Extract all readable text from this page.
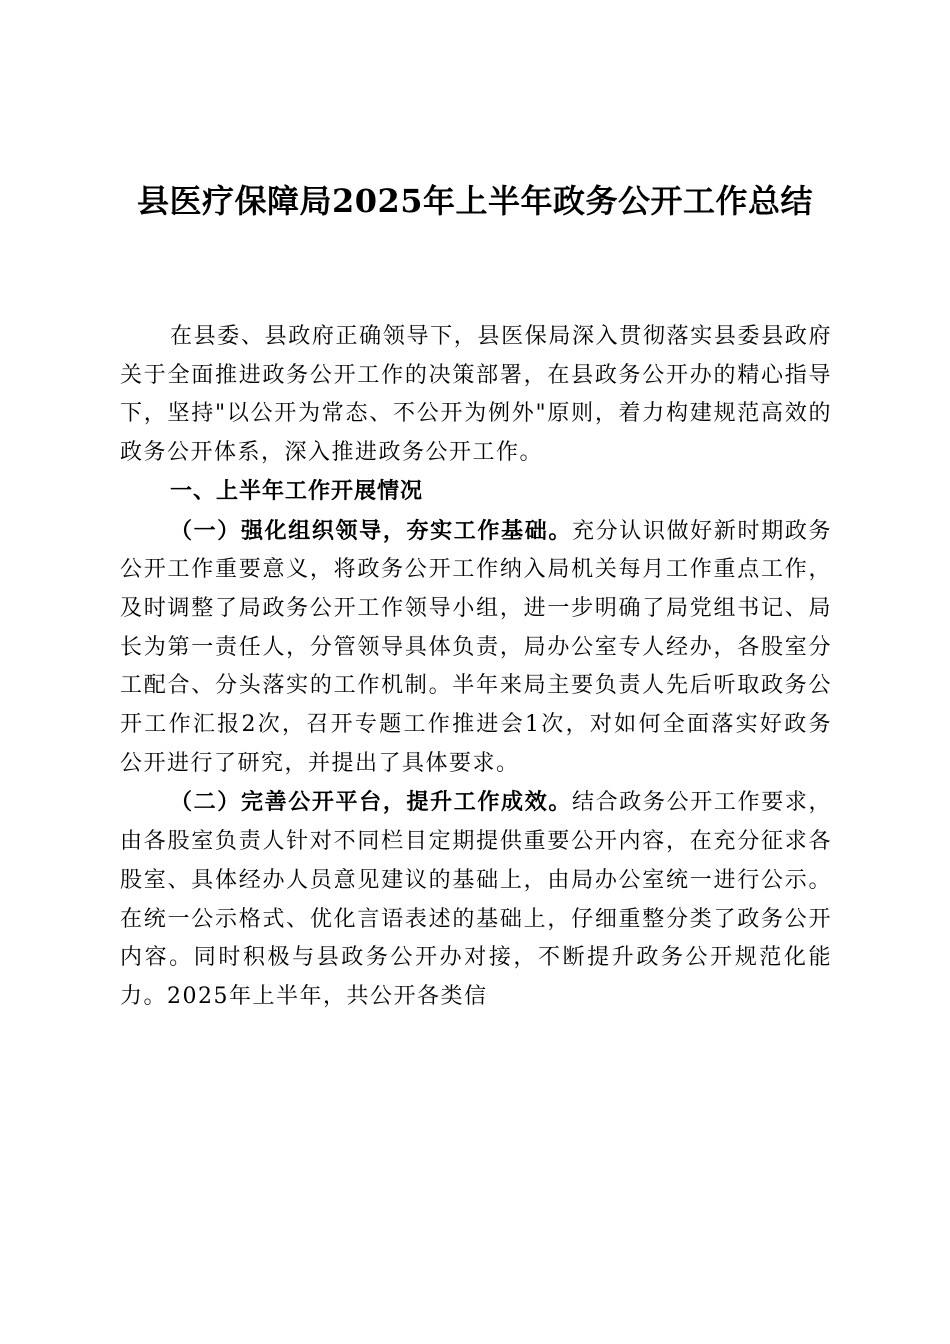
县医疗保障局2025年上半年政务公开工作总结

在县委、县政府正确领导下，县医保局深入贯彻落实县委县政府关于全面推进政务公开工作的决策部署，在县政务公开办的精心指导下，坚持"以公开为常态、不公开为例外"原则，着力构建规范高效的政务公开体系，深入推进政务公开工作。

一、上半年工作开展情况

（一）强化组织领导，夯实工作基础。充分认识做好新时期政务公开工作重要意义，将政务公开工作纳入局机关每月工作重点工作，及时调整了局政务公开工作领导小组，进一步明确了局党组书记、局长为第一责任人，分管领导具体负责，局办公室专人经办，各股室分工配合、分头落实的工作机制。半年来局主要负责人先后听取政务公开工作汇报2次，召开专题工作推进会1次，对如何全面落实好政务公开进行了研究，并提出了具体要求。

（二）完善公开平台，提升工作成效。结合政务公开工作要求，由各股室负责人针对不同栏目定期提供重要公开内容，在充分征求各股室、具体经办人员意见建议的基础上，由局办公室统一进行公示。在统一公示格式、优化言语表述的基础上，仔细重整分类了政务公开内容。同时积极与县政务公开办对接，不断提升政务公开规范化能力。2025年上半年，共公开各类信
